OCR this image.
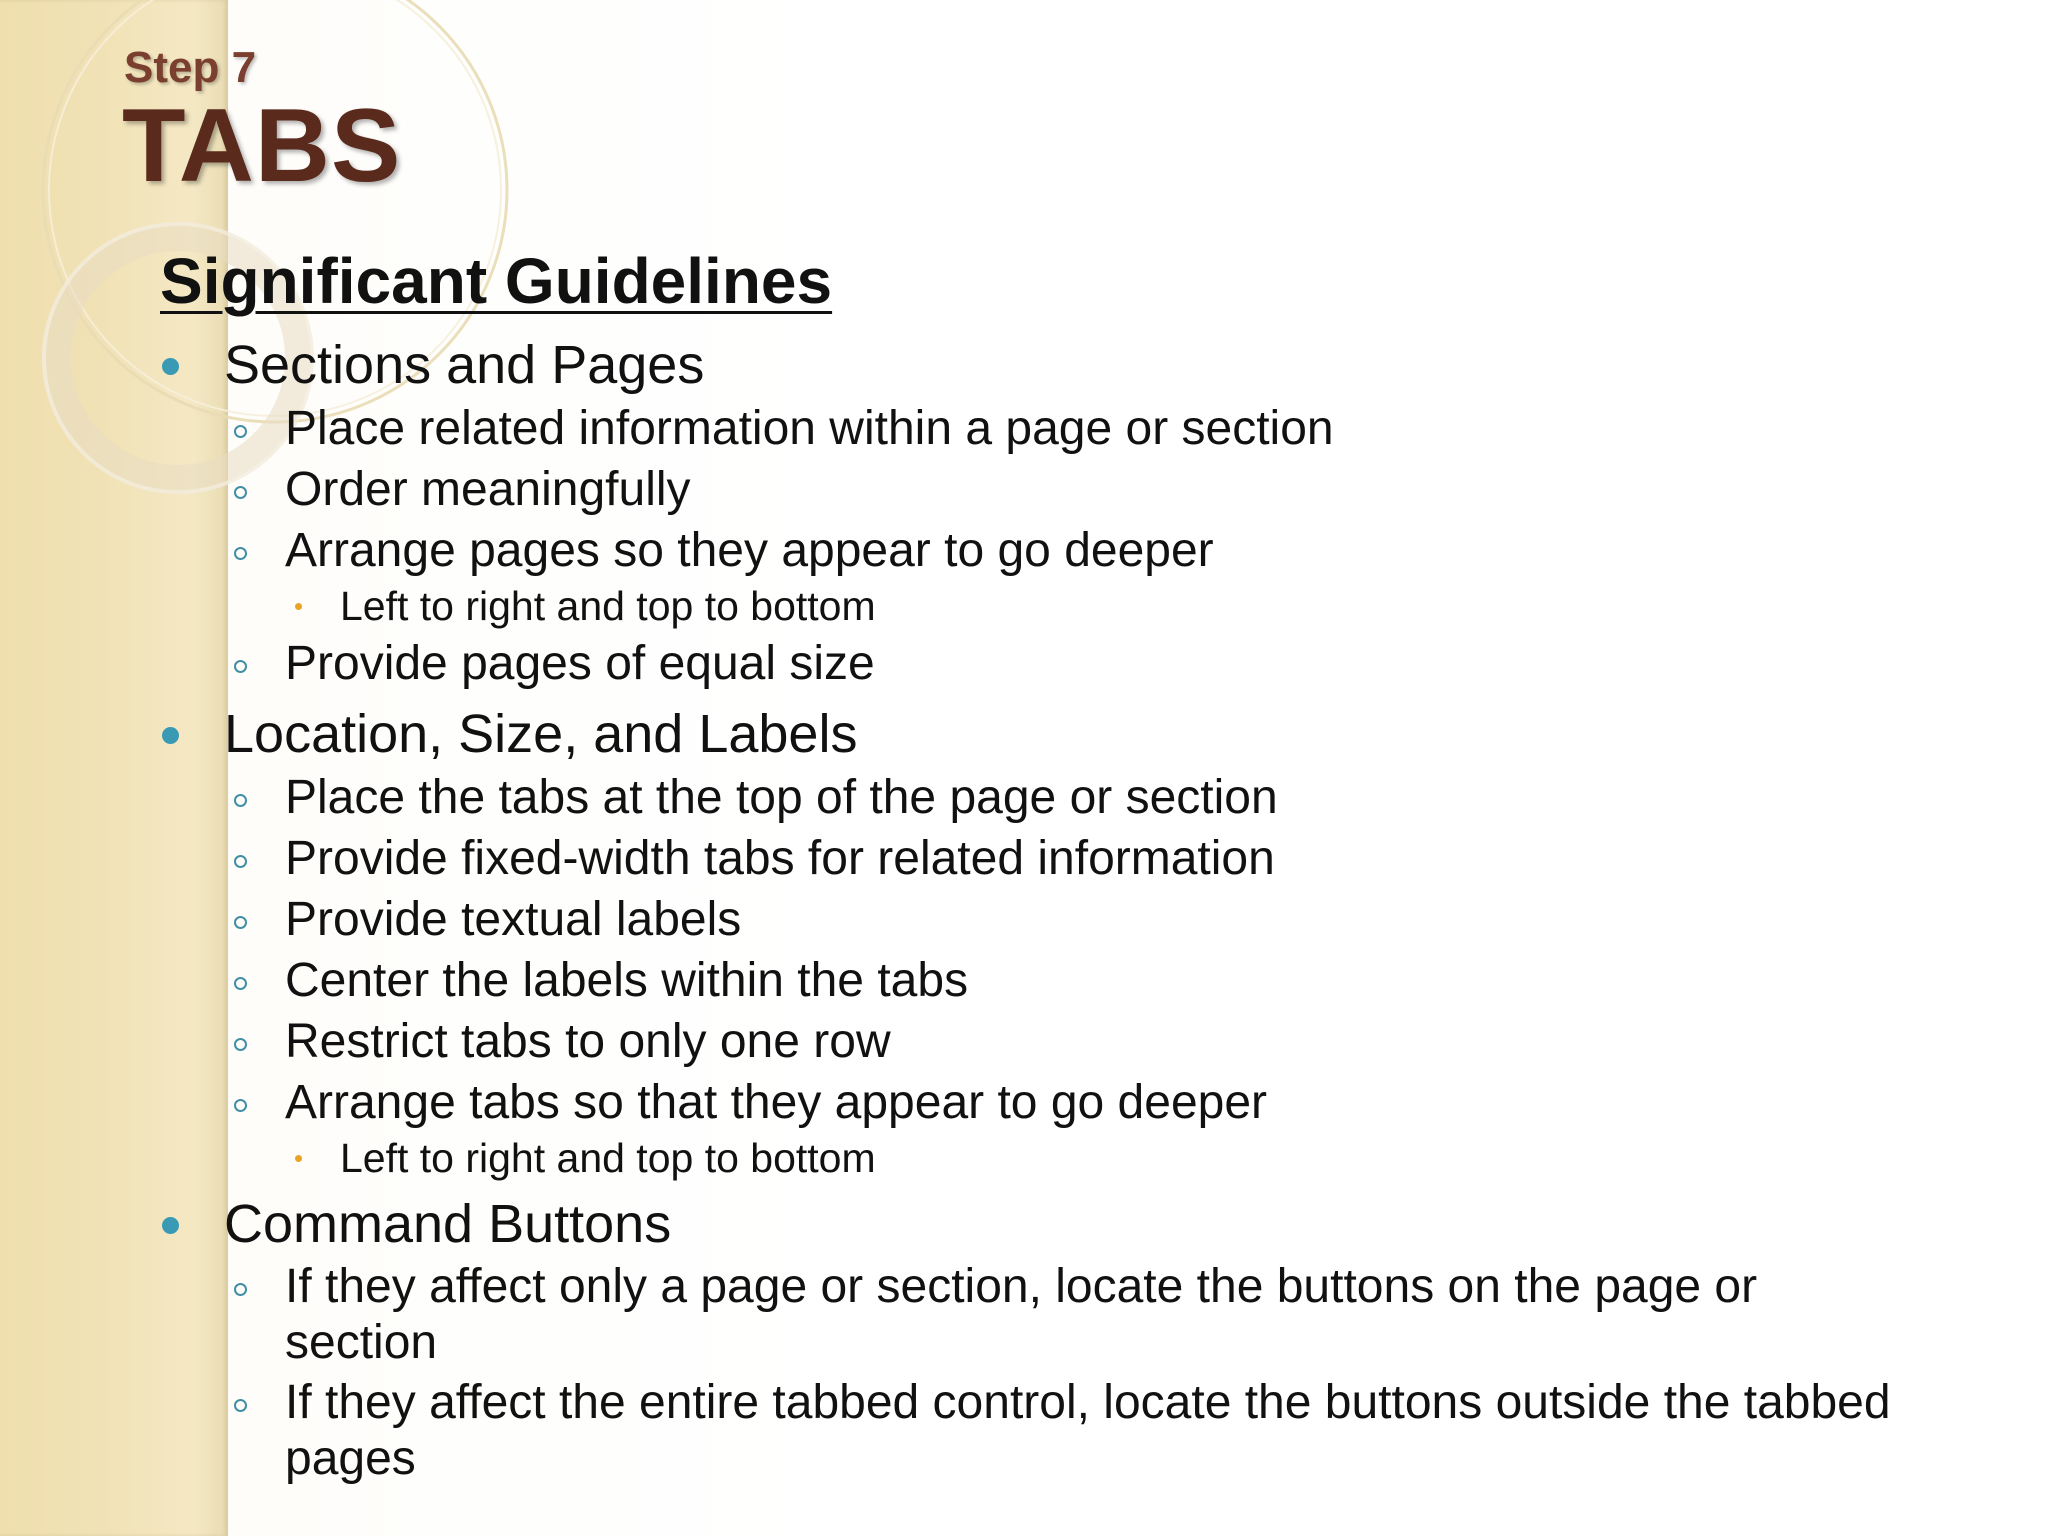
Step 7
TABS
Significant Guidelines
Sections and Pages
Place related information within a page or section
Order meaningfully
Arrange pages so they appear to go deeper
Left to right and top to bottom
Provide pages of equal size
Location, Size, and Labels
Place the tabs at the top of the page or section
Provide fixed-width tabs for related information
Provide textual labels
Center the labels within the tabs
Restrict tabs to only one row
Arrange tabs so that they appear to go deeper
Left to right and top to bottom
Command Buttons
If they affect only a page or section, locate the buttons on the page or section
If they affect the entire tabbed control, locate the buttons outside the tabbed pages
